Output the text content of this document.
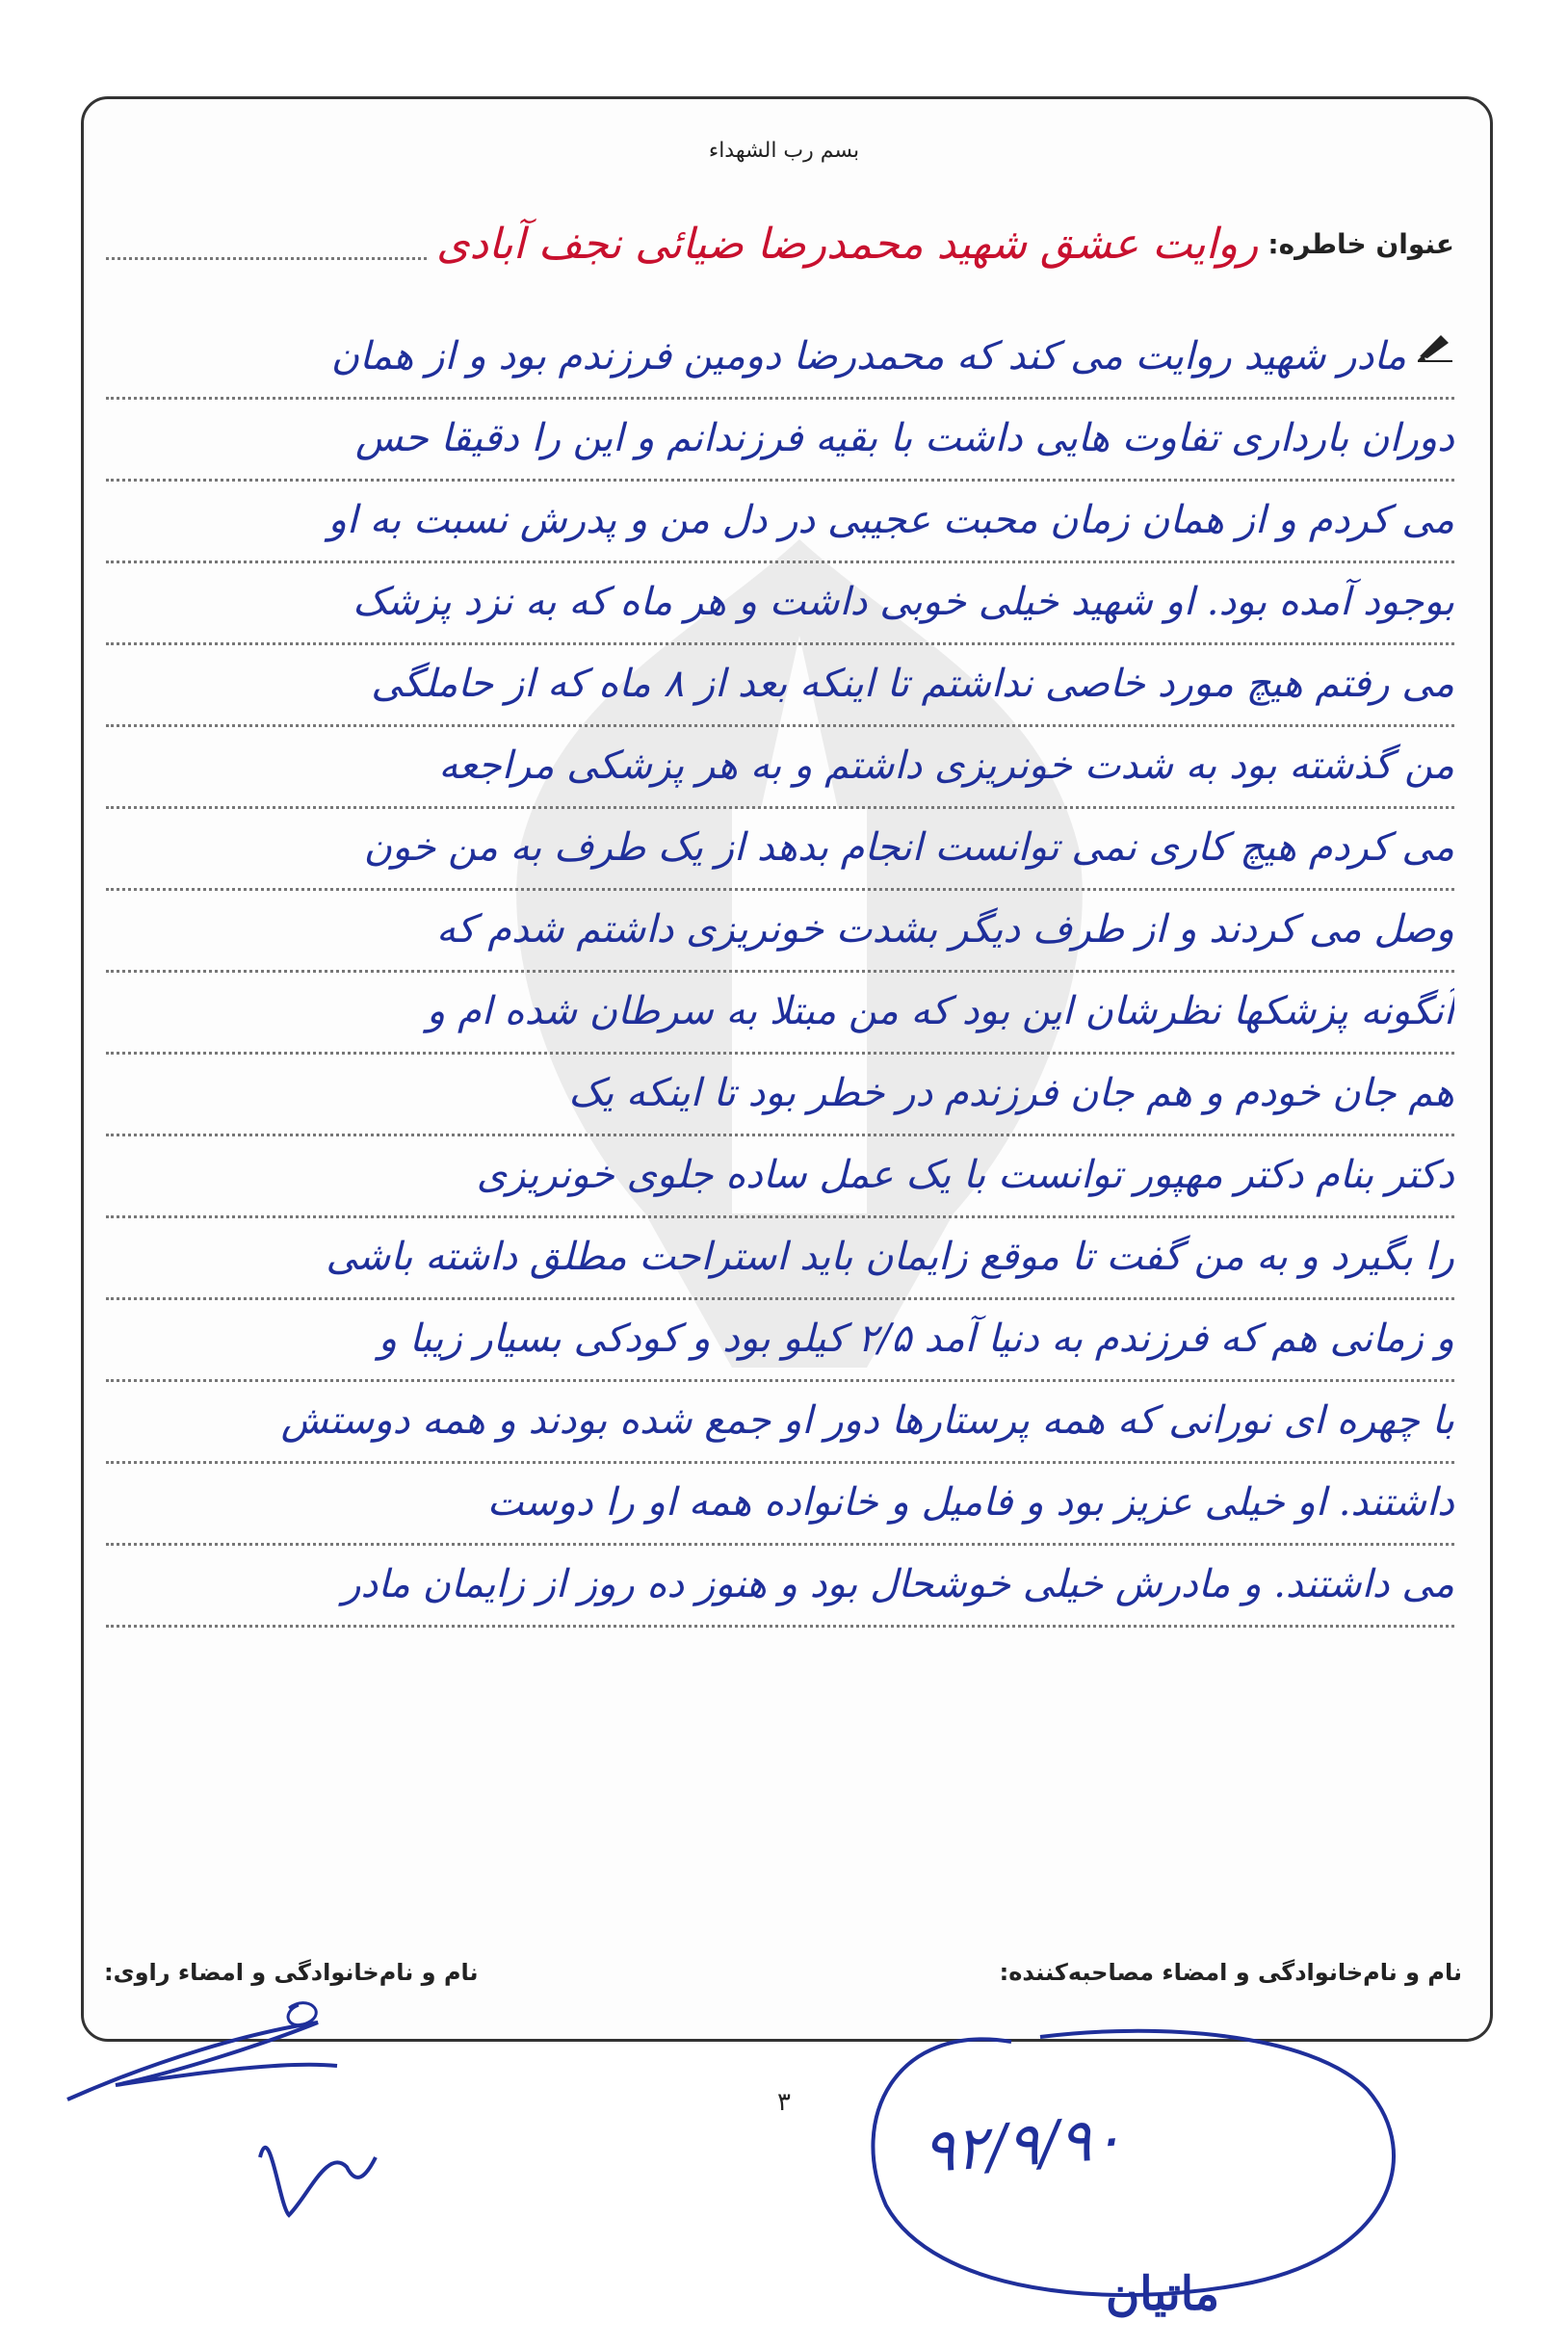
بسم رب الشهداء
عنوان خاطره:
روایت عشق شهید محمدرضا ضیائی نجف آبادی
مادر شهید روایت می کند که محمدرضا دومین فرزندم بود و از همان
دوران بارداری تفاوت هایی داشت با بقیه فرزندانم و این را دقیقا حس
می کردم و از همان زمان محبت عجیبی در دل من و پدرش نسبت به او
بوجود آمده بود. او شهید خیلی خوبی داشت و هر ماه که به نزد پزشک
می رفتم هیچ مورد خاصی نداشتم تا اینکه بعد از ۸ ماه که از حاملگی
من گذشته بود به شدت خونریزی داشتم و به هر پزشکی مراجعه
می کردم هیچ کاری نمی توانست انجام بدهد از یک طرف به من خون
وصل می کردند و از طرف دیگر بشدت خونریزی داشتم شدم که
آنگونه پزشکها نظرشان این بود که من مبتلا به سرطان شده ام و
هم جان خودم و هم جان فرزندم در خطر بود تا اینکه یک
دکتر بنام دکتر مهپور توانست با یک عمل ساده جلوی خونریزی
را بگیرد و به من گفت تا موقع زایمان باید استراحت مطلق داشته باشی
و زمانی هم که فرزندم به دنیا آمد ۲/۵ کیلو بود و کودکی بسیار زیبا و
با چهره ای نورانی که همه پرستارها دور او جمع شده بودند و همه دوستش
داشتند. او خیلی عزیز بود و فامیل و خانواده همه او را دوست
می داشتند. و مادرش خیلی خوشحال بود و هنوز ده روز از زایمان مادر
نام و نام‌خانوادگی و امضاء مصاحبه‌کننده:
نام و نام‌خانوادگی و امضاء راوی:
۳	۹۲/۹/۹۰
ماتیان
